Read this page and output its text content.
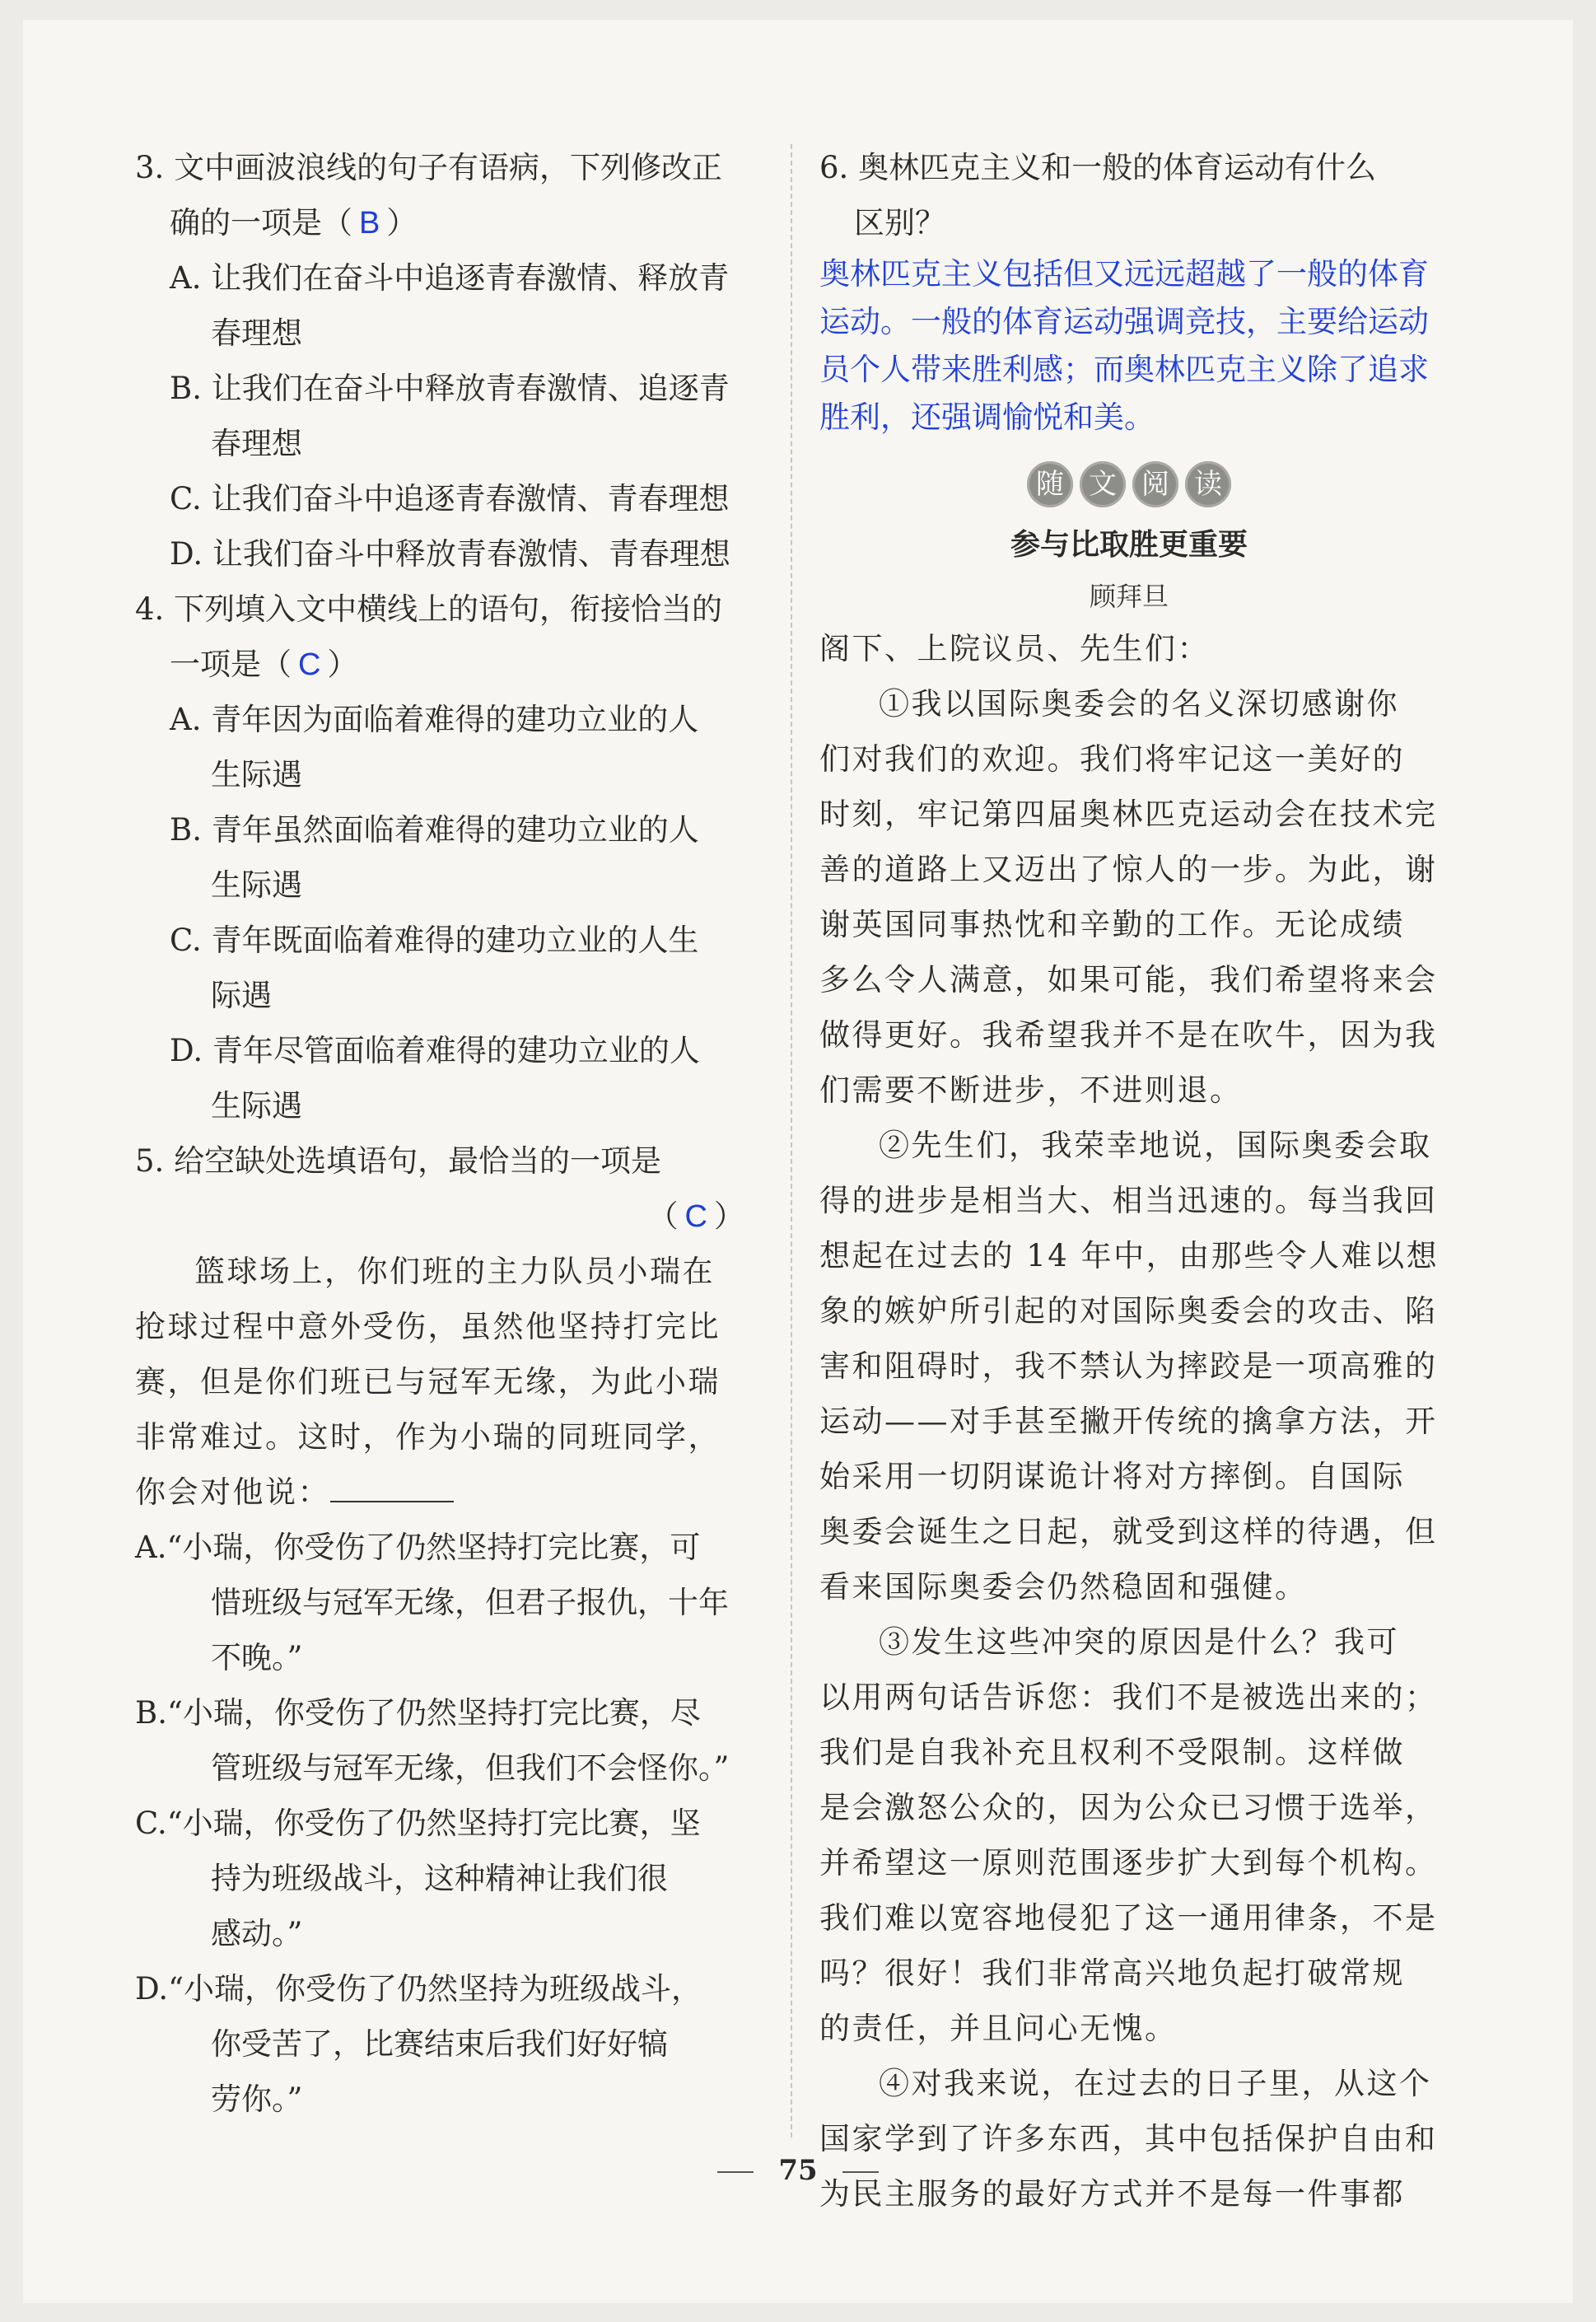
3. 文中画波浪线的句子有语病，下列修改正
确的一项是（ B ）
A. 让我们在奋斗中追逐青春激情、释放青
春理想
B. 让我们在奋斗中释放青春激情、追逐青
春理想
C. 让我们奋斗中追逐青春激情、青春理想
D. 让我们奋斗中释放青春激情、青春理想
4. 下列填入文中横线上的语句，衔接恰当的
一项是（ C ）
A. 青年因为面临着难得的建功立业的人
生际遇
B. 青年虽然面临着难得的建功立业的人
生际遇
C. 青年既面临着难得的建功立业的人生
际遇
D. 青年尽管面临着难得的建功立业的人
生际遇
5. 给空缺处选填语句，最恰当的一项是
（ C ）
篮球场上，你们班的主力队员小瑞在
抢球过程中意外受伤，虽然他坚持打完比
赛，但是你们班已与冠军无缘，为此小瑞
非常难过。这时，作为小瑞的同班同学，
你会对他说：
A.“小瑞，你受伤了仍然坚持打完比赛，可
惜班级与冠军无缘，但君子报仇，十年
不晚。”
B.“小瑞，你受伤了仍然坚持打完比赛，尽
管班级与冠军无缘，但我们不会怪你。”
C.“小瑞，你受伤了仍然坚持打完比赛，坚
持为班级战斗，这种精神让我们很
感动。”
D.“小瑞，你受伤了仍然坚持为班级战斗，
你受苦了，比赛结束后我们好好犒
劳你。”
6. 奥林匹克主义和一般的体育运动有什么
区别？
奥林匹克主义包括但又远远超越了一般的体育
运动。一般的体育运动强调竞技，主要给运动
员个人带来胜利感；而奥林匹克主义除了追求
胜利，还强调愉悦和美。
随 文 阅 读
参与比取胜更重要
顾拜旦
阁下、上院议员、先生们：
①我以国际奥委会的名义深切感谢你
们对我们的欢迎。我们将牢记这一美好的
时刻，牢记第四届奥林匹克运动会在技术完
善的道路上又迈出了惊人的一步。为此，谢
谢英国同事热忱和辛勤的工作。无论成绩
多么令人满意，如果可能，我们希望将来会
做得更好。我希望我并不是在吹牛，因为我
们需要不断进步，不进则退。
②先生们，我荣幸地说，国际奥委会取
得的进步是相当大、相当迅速的。每当我回
想起在过去的 14 年中，由那些令人难以想
象的嫉妒所引起的对国际奥委会的攻击、陷
害和阻碍时，我不禁认为摔跤是一项高雅的
运动——对手甚至撇开传统的擒拿方法，开
始采用一切阴谋诡计将对方摔倒。自国际
奥委会诞生之日起，就受到这样的待遇，但
看来国际奥委会仍然稳固和强健。
③发生这些冲突的原因是什么？我可
以用两句话告诉您：我们不是被选出来的；
我们是自我补充且权利不受限制。这样做
是会激怒公众的，因为公众已习惯于选举，
并希望这一原则范围逐步扩大到每个机构。
我们难以宽容地侵犯了这一通用律条，不是
吗？很好！我们非常高兴地负起打破常规
的责任，并且问心无愧。
④对我来说，在过去的日子里，从这个
国家学到了许多东西，其中包括保护自由和
为民主服务的最好方式并不是每一件事都
75
